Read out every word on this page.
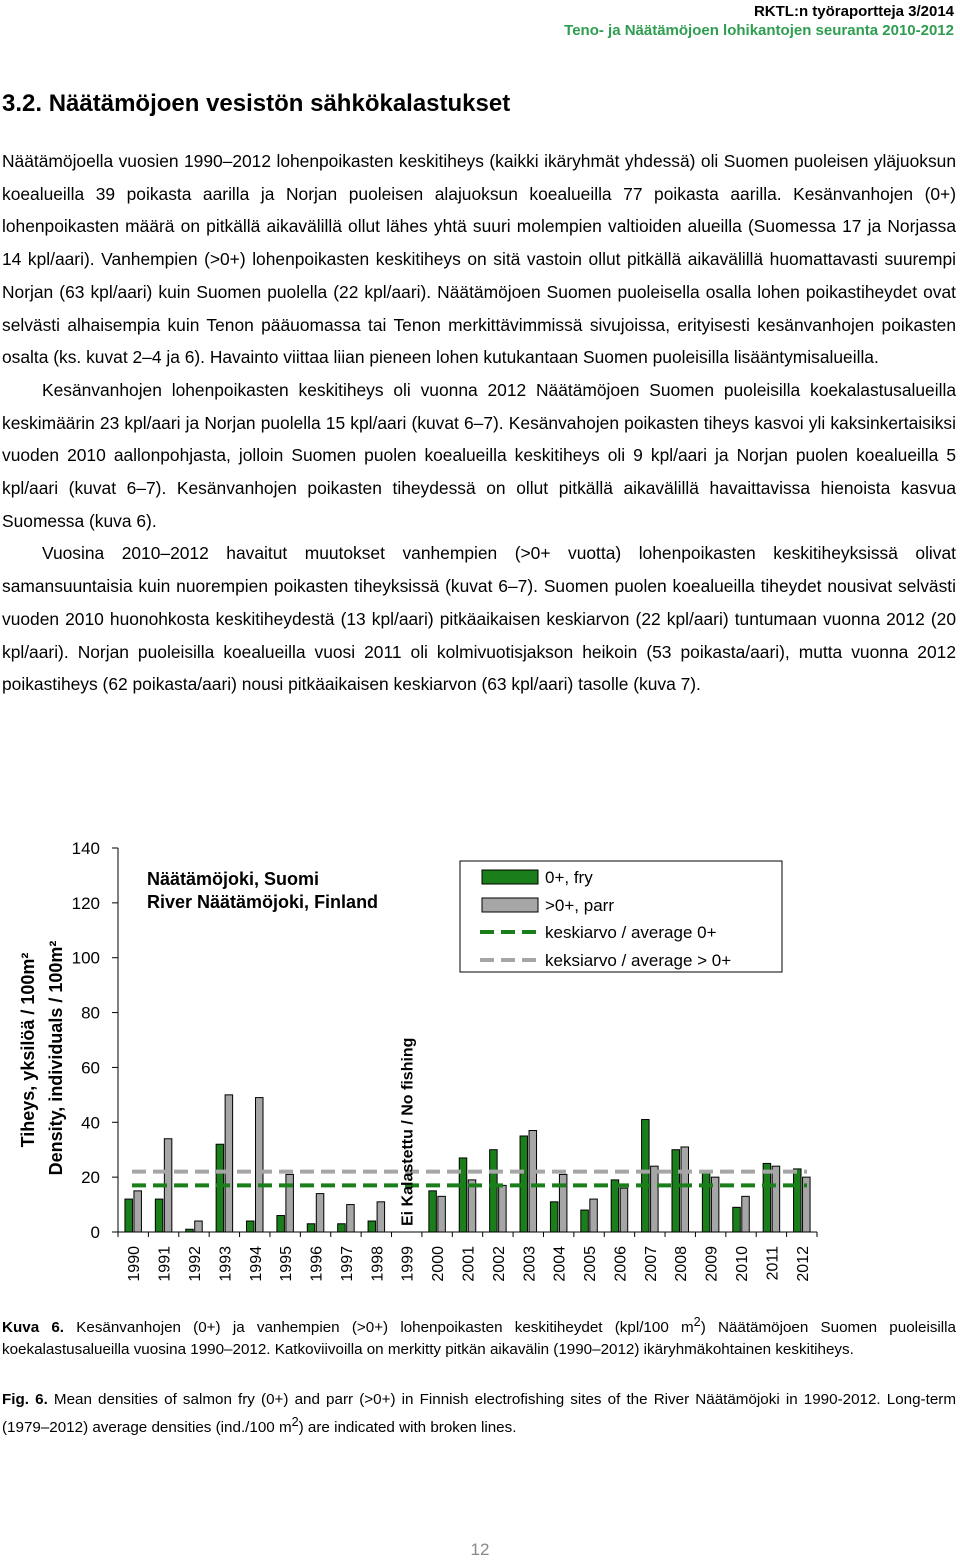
RKTL:n työraportteja 3/2014
Teno- ja Näätämöjoen lohikantojen seuranta 2010-2012
3.2. Näätämöjoen vesistön sähkökalastukset

Näätämöjoella vuosien 1990–2012 lohenpoikasten keskitiheys (kaikki ikäryhmät yhdessä) oli Suomen puoleisen yläjuoksun koealueilla 39 poikasta aarilla ja Norjan puoleisen alajuoksun koealueilla 77 poikasta aarilla. Kesänvanhojen (0+) lohenpoikasten määrä on pitkällä aikavälillä ollut lähes yhtä suuri molempien valtioiden alueilla (Suomessa 17 ja Norjassa 14 kpl/aari). Vanhempien (>0+) lohenpoikasten keskitiheys on sitä vastoin ollut pitkällä aikavälillä huomattavasti suurempi Norjan (63 kpl/aari) kuin Suomen puolella (22 kpl/aari). Näätämöjoen Suomen puoleisella osalla lohen poikastiheydet ovat selvästi alhaisempia kuin Tenon pääuomassa tai Tenon merkittävimmissä sivujoissa, erityisesti kesänvanhojen poikasten osalta (ks. kuvat 2–4 ja 6). Havainto viittaa liian pieneen lohen kutukantaan Suomen puoleisilla lisääntymisalueilla.

Kesänvanhojen lohenpoikasten keskitiheys oli vuonna 2012 Näätämöjoen Suomen puoleisilla koekalastusalueilla keskimäärin 23 kpl/aari ja Norjan puolella 15 kpl/aari (kuvat 6–7). Kesänvahojen poikasten tiheys kasvoi yli kaksinkertaisiksi vuoden 2010 aallonpohjasta, jolloin Suomen puolen koealueilla keskitiheys oli 9 kpl/aari ja Norjan puolen koealueilla 5 kpl/aari (kuvat 6–7). Kesänvanhojen poikasten tiheydessä on ollut pitkällä aikavälillä havaittavissa hienoista kasvua Suomessa (kuva 6).

Vuosina 2010–2012 havaitut muutokset vanhempien (>0+ vuotta) lohenpoikasten keskitiheyksissä olivat samansuuntaisia kuin nuorempien poikasten tiheyksissä (kuvat 6–7). Suomen puolen koealueilla tiheydet nousivat selvästi vuoden 2010 huonohkosta keskitiheydestä (13 kpl/aari) pitkäaikaisen keskiarvon (22 kpl/aari) tuntumaan vuonna 2012 (20 kpl/aari). Norjan puoleisilla koealueilla vuosi 2011 oli kolmivuotisjakson heikoin (53 poikasta/aari), mutta vuonna 2012 poikastiheys (62 poikasta/aari) nousi pitkäaikaisen keskiarvon (63 kpl/aari) tasolle (kuva 7).

0
20
40
60
80
100
120
140
1990 1991 1992 1993 1994 1995 1996 1997 1998 1999 2000 2001 2002 2003 2004 2005 2006 2007 2008 2009 2010 2011 2012
Tiheys, yksilöä / 100m² Density, individuals / 100m²
Näätämöjoki, Suomi
River Näätämöjoki, Finland
Ei Kalastettu / No fishing
0+, fry
>0+, parr
keskiarvo / average 0+
keksiarvo / average > 0+
Kuva 6. Kesänvanhojen (0+) ja vanhempien (>0+) lohenpoikasten keskitiheydet (kpl/100 $m^2$) Näätämöjoen Suomen puoleisilla koekalastusalueilla vuosina 1990–2012. Katkoviivoilla on merkitty pitkän aikavälin (1990–2012) ikäryhmäkohtainen keskitiheys.
Fig. 6. Mean densities of salmon fry (0+) and parr (>0+) in Finnish electrofishing sites of the River Näätämöjoki in 1990-2012. Long-term (1979–2012) average densities (ind./100 $m^2$) are indicated with broken lines.
12
